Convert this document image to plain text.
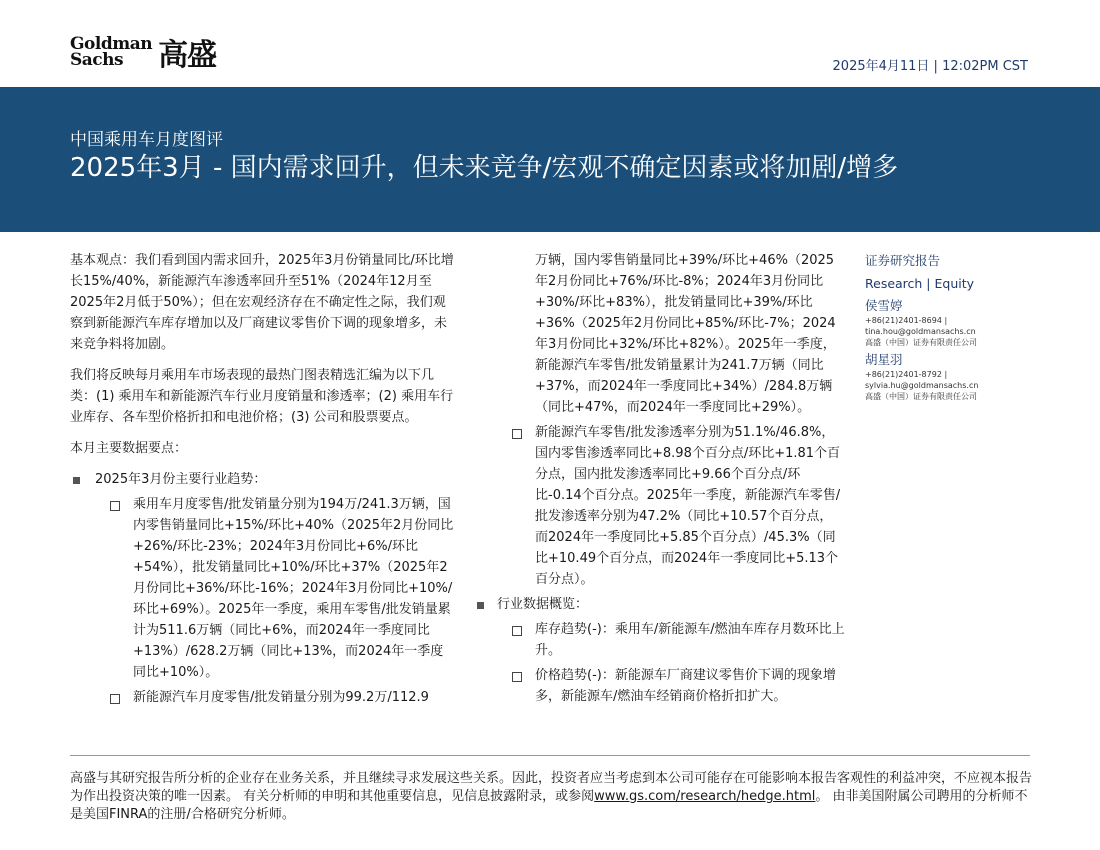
Goldman
Sachs	高盛	2025年4月11日 | 12:02PM CST
中国乘用车月度图评
2025年3月 - 国内需求回升，但未来竞争/宏观不确定因素或将加剧/增多
基本观点：我们看到国内需求回升，2025年3月份销量同比/环比增长15%/40%，新能源汽车渗透率回升至51%（2024年12月至2025年2月低于50%）；但在宏观经济存在不确定性之际，我们观察到新能源汽车库存增加以及厂商建议零售价下调的现象增多，未来竞争料将加剧。
我们将反映每月乘用车市场表现的最热门图表精选汇编为以下几类：(1) 乘用车和新能源汽车行业月度销量和渗透率；(2) 乘用车行业库存、各车型价格折扣和电池价格；(3) 公司和股票要点。
本月主要数据要点：
2025年3月份主要行业趋势：
乘用车月度零售/批发销量分别为194万/241.3万辆，国内零售销量同比+15%/环比+40%（2025年2月份同比+26%/环比-23%；2024年3月份同比+6%/环比+54%），批发销量同比+10%/环比+37%（2025年2月份同比+36%/环比-16%；2024年3月份同比+10%/环比+69%）。2025年一季度，乘用车零售/批发销量累计为511.6万辆（同比+6%，而2024年一季度同比+13%）/628.2万辆（同比+13%，而2024年一季度同比+10%）。
新能源汽车月度零售/批发销量分别为99.2万/112.9
万辆，国内零售销量同比+39%/环比+46%（2025年2月份同比+76%/环比-8%；2024年3月份同比+30%/环比+83%），批发销量同比+39%/环比+36%（2025年2月份同比+85%/环比-7%；2024年3月份同比+32%/环比+82%）。2025年一季度，新能源汽车零售/批发销量累计为241.7万辆（同比+37%，而2024年一季度同比+34%）/284.8万辆（同比+47%，而2024年一季度同比+29%）。
新能源汽车零售/批发渗透率分别为51.1%/46.8%，国内零售渗透率同比+8.98个百分点/环比+1.81个百分点，国内批发渗透率同比+9.66个百分点/环比-0.14个百分点。2025年一季度，新能源汽车零售/批发渗透率分别为47.2%（同比+10.57个百分点，而2024年一季度同比+5.85个百分点）/45.3%（同比+10.49个百分点，而2024年一季度同比+5.13个百分点）。
行业数据概览：
库存趋势(-)：乘用车/新能源车/燃油车库存月数环比上升。
价格趋势(-)：新能源车厂商建议零售价下调的现象增多，新能源车/燃油车经销商价格折扣扩大。
证券研究报告
Research | Equity
侯雪婷
+86(21)2401-8694 |
tina.hou@goldmansachs.cn
高盛（中国）证券有限责任公司
胡星羽
+86(21)2401-8792 |
sylvia.hu@goldmansachs.cn
高盛（中国）证券有限责任公司
高盛与其研究报告所分析的企业存在业务关系，并且继续寻求发展这些关系。因此，投资者应当考虑到本公司可能存在可能影响本报告客观性的利益冲突，不应视本报告为作出投资决策的唯一因素。 有关分析师的申明和其他重要信息，见信息披露附录，或参阅www.gs.com/research/hedge.html。 由非美国附属公司聘用的分析师不是美国FINRA的注册/合格研究分析师。
